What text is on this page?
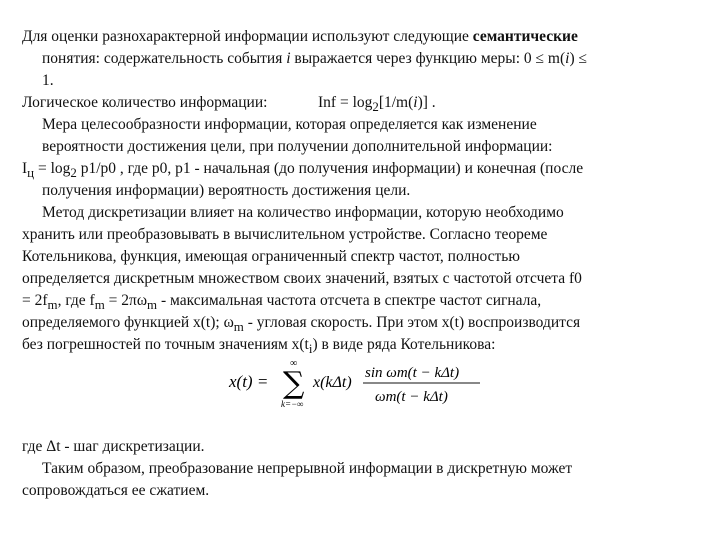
Для оценки разнохарактерной информации используют следующие семантические
понятия: содержательность события i выражается через функцию меры: 0 ≤ m(i) ≤
1.
Логическое количество информации:	Inf = $\log_2[1/m(i)]$ .
Мера целесообразности информации, которая определяется как изменение
вероятности достижения цели, при получении дополнительной информации:
$I_ц = \log_2 p1/p0$ , где p0, p1 - начальная (до получения информации) и конечная (после
получения информации) вероятность достижения цели.
Метод дискретизации влияет на количество информации, которую необходимо
хранить или преобразовывать в вычислительном устройстве. Согласно теореме
Котельникова, функция, имеющая ограниченный спектр частот, полностью
определяется дискретным множеством своих значений, взятых с частотой отсчета f0
= $2f_m$, где $f_m = 2\pi\omega_m$ - максимальная частота отсчета в спектре частот сигнала,
определяемого функцией x(t); $\omega_m$ - угловая скорость. При этом x(t) воспроизводится
без погрешностей по точным значениям $x(t_i)$ в виде ряда Котельникова:
x(t) = ∑
∞
k=−∞
x(kΔt)
sin ωm(t − kΔt)
ωm(t − kΔt)
где Δt - шаг дискретизации.
Таким образом, преобразование непрерывной информации в дискретную может
сопровождаться ее сжатием.
